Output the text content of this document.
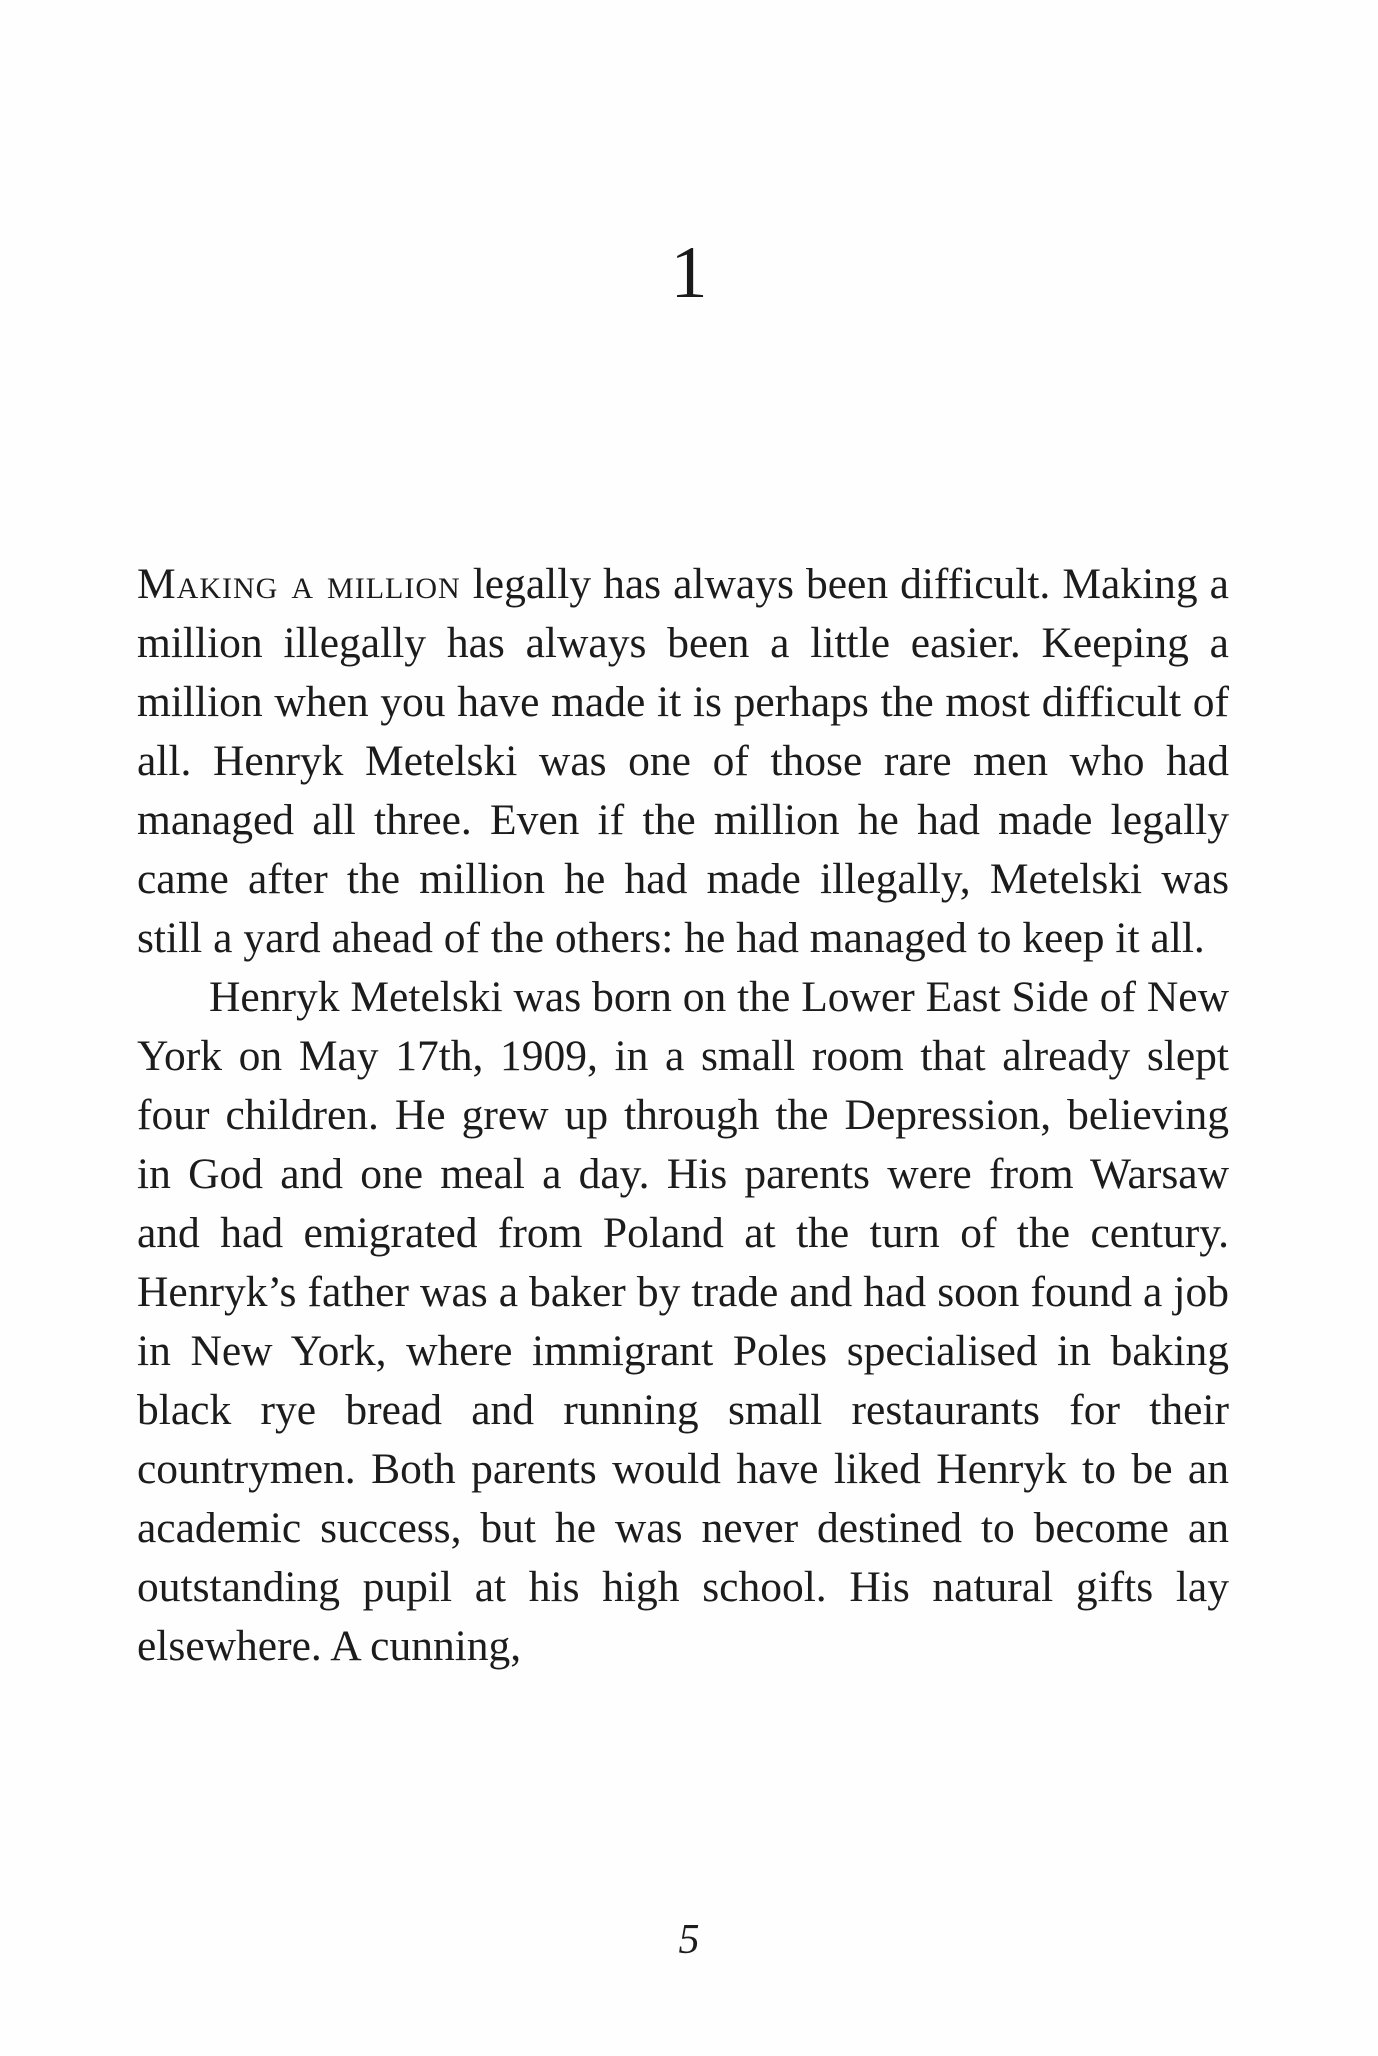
1

Making a million legally has always been difficult. Making a million illegally has always been a little easier. Keeping a million when you have made it is perhaps the most difficult of all. Henryk Metelski was one of those rare men who had managed all three. Even if the million he had made legally came after the million he had made illegally, Metelski was still a yard ahead of the others: he had managed to keep it all.

Henryk Metelski was born on the Lower East Side of New York on May 17th, 1909, in a small room that already slept four children. He grew up through the Depression, believing in God and one meal a day. His parents were from Warsaw and had emigrated from Poland at the turn of the century. Henryk’s father was a baker by trade and had soon found a job in New York, where immigrant Poles specialised in baking black rye bread and running small restaurants for their countrymen. Both parents would have liked Henryk to be an academic success, but he was never destined to become an outstanding pupil at his high school. His natural gifts lay elsewhere. A cunning,

5
